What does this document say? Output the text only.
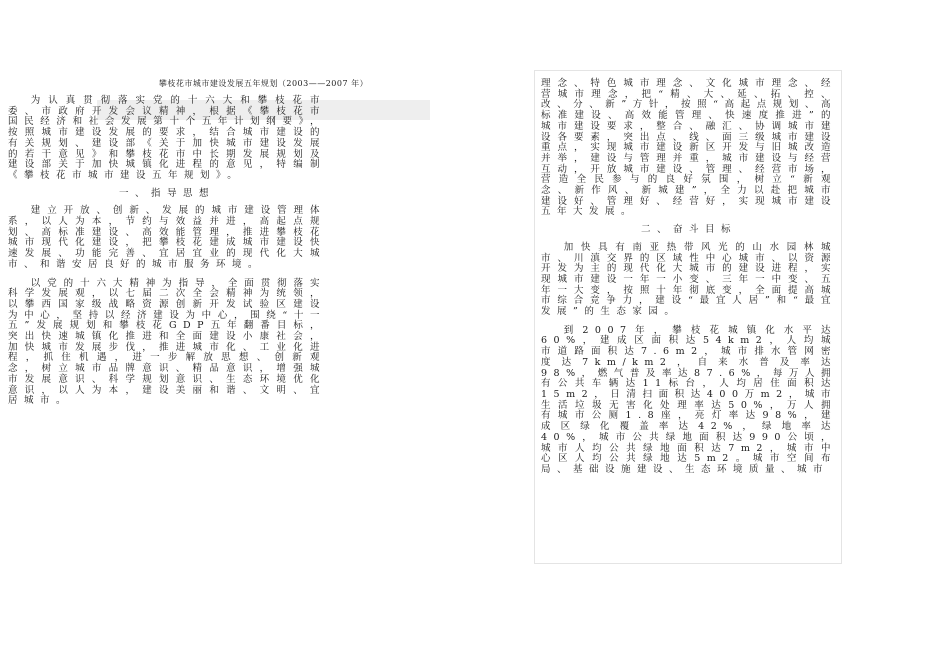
攀枝花市城市建设发展五年规划（2003——2007 年）

为认真贯彻落实党的十六大和攀枝花市委、市政府开发会议精神，根据《攀枝花市国民经济和社会发展第十个五年计划纲要》，按照城市建设发展的要求，结合城市建设的有关规划、建设部《关于加快城市建设发展的若干意见》和攀枝花市中长期发展规划及建设部关于加快城镇化进程的意见，特编制《攀枝花市城市建设五年规划》。

一、指导思想

建立开放、创新、发展的城市建设管理体系，以人为本，节约与效益并进，高起点规划、高标准建设、高效能管理，推进攀枝花城市现代化建设，把攀枝花建成城市建设快速发展、功能完善、宜居宜业的现代化大城市、和谐安居良好的城市服务环境。

以党的十六大精神为指导，全面贯彻落实科学发展观，以七届二次全会精神为统领，以攀西国家级战略资源创新开发试验区建设为中心，坚持以经济建设为中心，围绕“十一五”发展规划和攀枝花GDP五年翻番目标，突出快速城镇化推进和全面建设小康社会，加快城市发展步伐，推进城市化、工业化进程，抓住机遇，进一步解放思想、创新观念，树立城市品牌意识、精品意识，增强城市发展意识、科学规划意识、生态环境优化意识，以人为本，建设美丽和谐、文明、宜居城市。

理念、特色城市理念、文化城市理念、经营城市理念，把“精、大、延、拓、控、改、分、新”方针，按照“高起点规划、高标准建设、高效能管理、快速度推进”的城市建设要求，整合、融汇、协调城市建设各要素，突出点、线、面三级城市建设重点，实现城市建设新区开发与旧城改造并举，建设与管理并重，城市建设与经营互动，开放城市建设、管理、经营市场，营造全民参与的良好氛围，树立“新观念、新作风、新城建”，全力以赴把城市建设好、管理好、经营好，实现城市建设五年大发展。

二、奋斗目标

加快具有南亚热带风光的山水园林城市、川滇交界的区域性中心城市、以资源开发为主的现代化大城市的建设进程，实现城市建设一年一小变、三年一中变、五年一大变，按照十年彻底变，全面提高城市综合竞争力，建设“最宜人居”和“最宜发展”的生态家园。

到2007年，攀枝花城镇化水平达60%，建成区面积达54km2，人均城市道路面积达7.6m2，城市排水管网密度达7km/km2，自来水普及率达98%，燃气普及率达87.6%，每万人拥有公共车辆达11标台，人均居住面积达15m2，日清扫面积达400万m2，城市生活垃圾无害化处理率达50%，万人拥有城市公厕1.8座，亮灯率达98%，建成区绿化覆盖率达42%，绿地率达40%，城市公共绿地面积达990公顷，城市人均公共绿地面积达7m2，城市中心区人均公共绿地达5m2。城市空间布局、基础设施建设、生态环境质量、城市
